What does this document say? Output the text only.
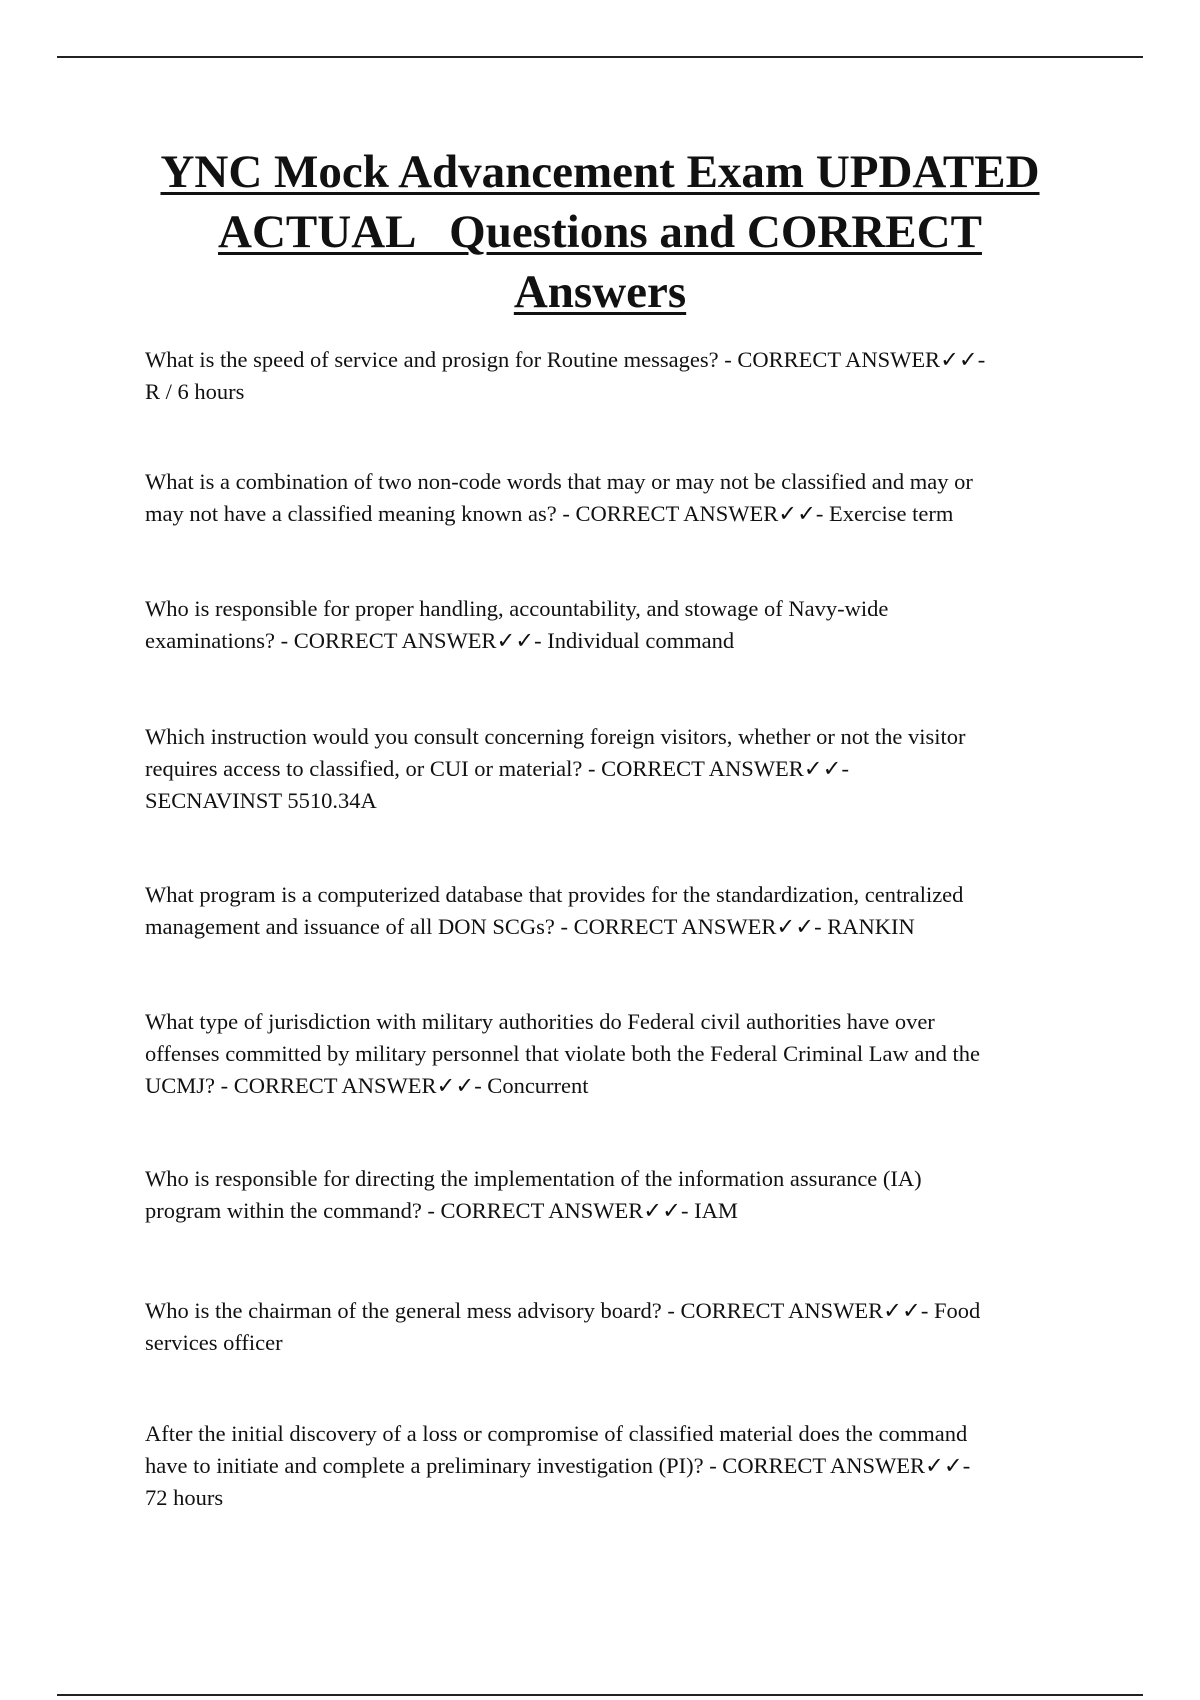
YNC Mock Advancement Exam UPDATED
ACTUAL   Questions and CORRECT
Answers

What is the speed of service and prosign for Routine messages? - CORRECT ANSWER✓✓-
R / 6 hours

What is a combination of two non-code words that may or may not be classified and may or
may not have a classified meaning known as? - CORRECT ANSWER✓✓- Exercise term

Who is responsible for proper handling, accountability, and stowage of Navy-wide
examinations? - CORRECT ANSWER✓✓- Individual command

Which instruction would you consult concerning foreign visitors, whether or not the visitor
requires access to classified, or CUI or material? - CORRECT ANSWER✓✓-
SECNAVINST 5510.34A

What program is a computerized database that provides for the standardization, centralized
management and issuance of all DON SCGs? - CORRECT ANSWER✓✓- RANKIN

What type of jurisdiction with military authorities do Federal civil authorities have over
offenses committed by military personnel that violate both the Federal Criminal Law and the
UCMJ? - CORRECT ANSWER✓✓- Concurrent

Who is responsible for directing the implementation of the information assurance (IA)
program within the command? - CORRECT ANSWER✓✓- IAM

Who is the chairman of the general mess advisory board? - CORRECT ANSWER✓✓- Food
services officer

After the initial discovery of a loss or compromise of classified material does the command
have to initiate and complete a preliminary investigation (PI)? - CORRECT ANSWER✓✓-
72 hours
